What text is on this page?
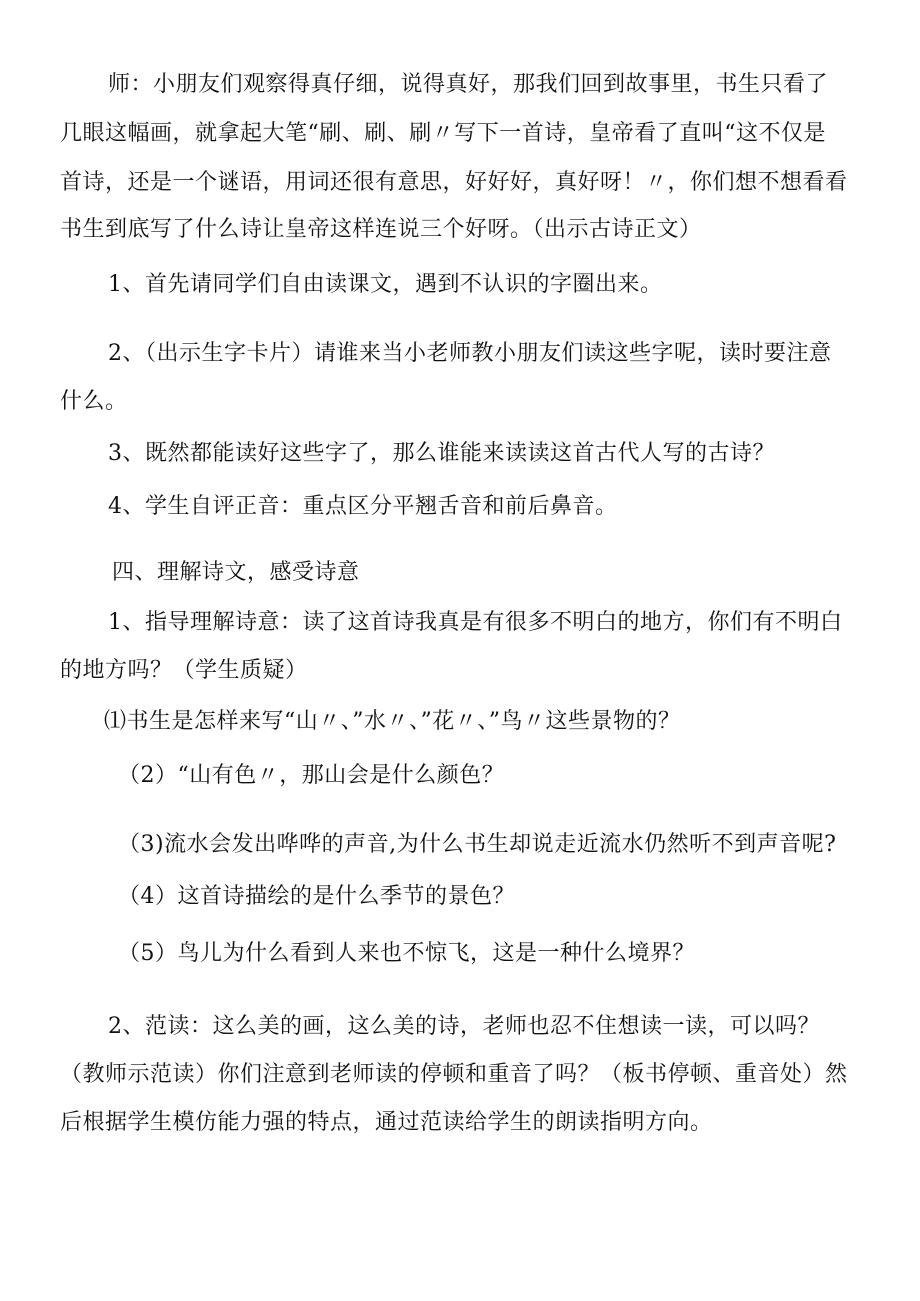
师：小朋友们观察得真仔细，说得真好，那我们回到故事里，书生只看了
几眼这幅画，就拿起大笔“刷、刷、刷〃写下一首诗，皇帝看了直叫“这不仅是
首诗，还是一个谜语，用词还很有意思，好好好，真好呀！〃，你们想不想看看
书生到底写了什么诗让皇帝这样连说三个好呀。（出示古诗正文）
1、首先请同学们自由读课文，遇到不认识的字圈出来。
2、（出示生字卡片）请谁来当小老师教小朋友们读这些字呢，读时要注意
什么。
3、既然都能读好这些字了，那么谁能来读读这首古代人写的古诗？
4、学生自评正音：重点区分平翘舌音和前后鼻音。
四、理解诗文，感受诗意
1、指导理解诗意：读了这首诗我真是有很多不明白的地方，你们有不明白
的地方吗？（学生质疑）
⑴书生是怎样来写“山〃、”水〃、”花〃、”鸟〃这些景物的？
（2）“山有色〃，那山会是什么颜色？
（3)流水会发出哗哗的声音,为什么书生却说走近流水仍然听不到声音呢?
（4）这首诗描绘的是什么季节的景色？
（5）鸟儿为什么看到人来也不惊飞，这是一种什么境界？
2、范读：这么美的画，这么美的诗，老师也忍不住想读一读，可以吗？
（教师示范读）你们注意到老师读的停顿和重音了吗？（板书停顿、重音处）然
后根据学生模仿能力强的特点，通过范读给学生的朗读指明方向。
